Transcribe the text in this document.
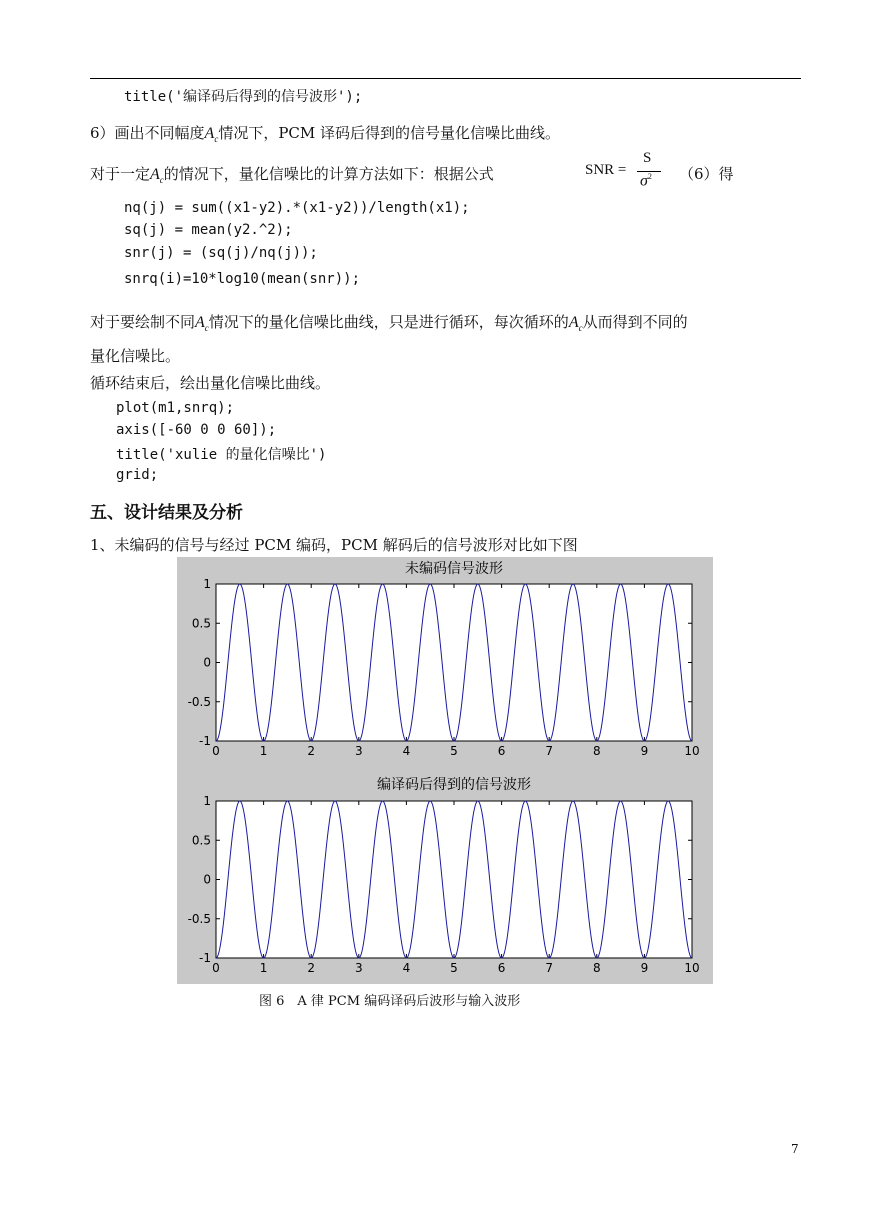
title('编译码后得到的信号波形');
6）画出不同幅度$A_c$情况下，PCM 译码后得到的信号量化信噪比曲线。
对于一定$A_c$的情况下，量化信噪比的计算方法如下：根据公式	SNR =
S
$\sigma^2$ （6）得
nq(j) = sum((x1-y2).*(x1-y2))/length(x1);
sq(j) = mean(y2.^2);
snr(j) = (sq(j)/nq(j));
snrq(i)=10*log10(mean(snr));
对于要绘制不同$A_c$情况下的量化信噪比曲线，只是进行循环，每次循环的$A_c$从而得到不同的
量化信噪比。
循环结束后，绘出量化信噪比曲线。
plot(m1,snrq);
axis([-60 0 0 60]);
title('xulie 的量化信噪比')
grid;
五、设计结果及分析
1、未编码的信号与经过 PCM 编码，PCM 解码后的信号波形对比如下图
未编码信号波形
0	1	2	3	4	5	6	7	8	9	10
1
0.5
0
-0.5
-1
编译码后得到的信号波形
0	1	2	3	4	5	6	7	8	9	10
1
0.5
0
-0.5
-1
图 6　A 律 PCM 编码译码后波形与输入波形
7
